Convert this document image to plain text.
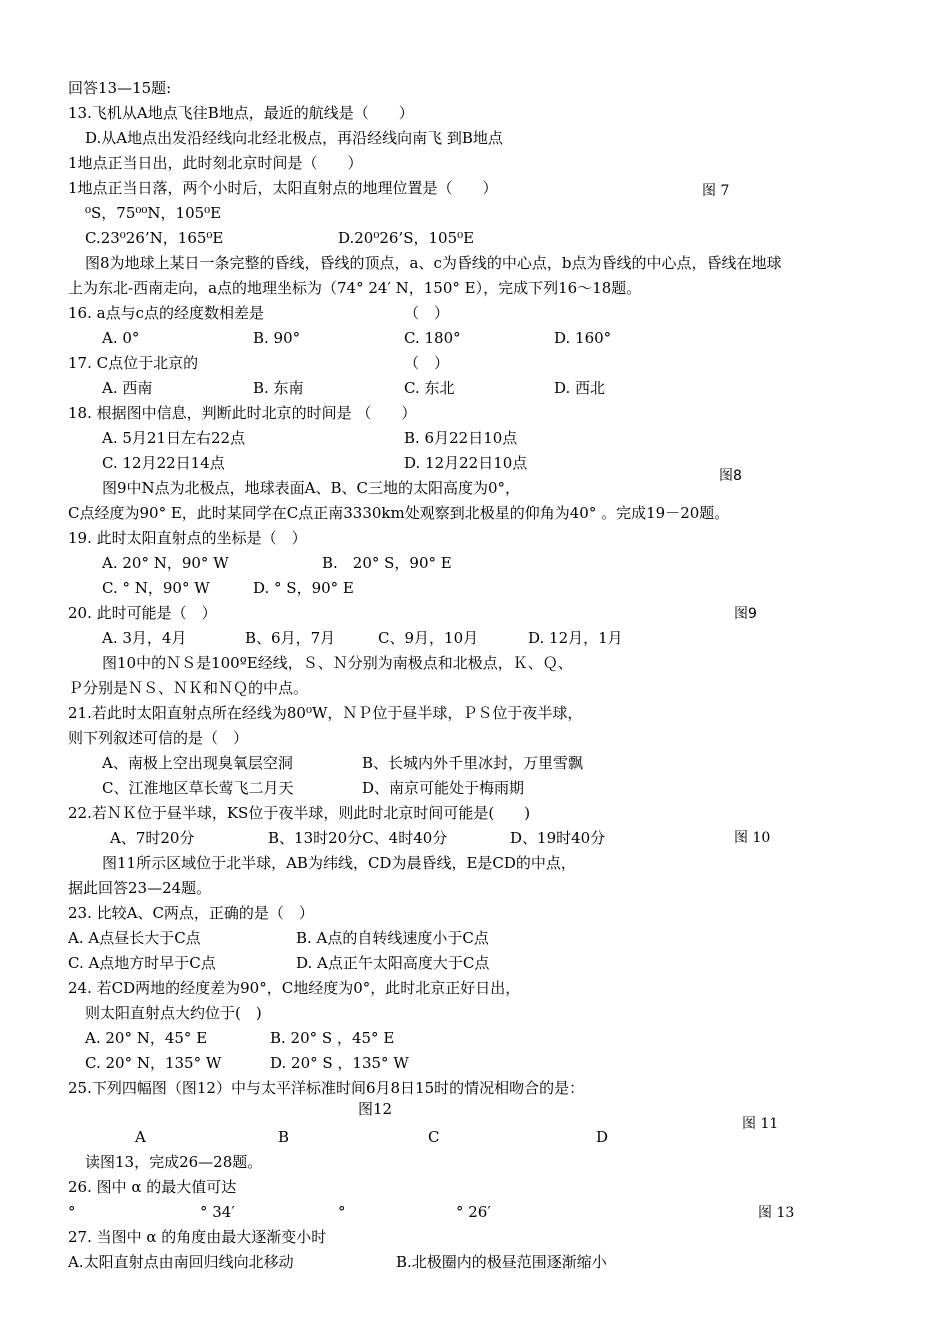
回答13—15题:
13.飞机从A地点飞往B地点，最近的航线是（　　）
D.从A地点出发沿经线向北经北极点，再沿经线向南飞 到B地点
1地点正当日出，此时刻北京时间是（　　）
1地点正当日落，两个小时后，太阳直射点的地理位置是（　　）
⁰S，75⁰⁰N，105⁰E
C.23⁰26’N，165⁰E	D.20⁰26’S，105⁰E
图8为地球上某日一条完整的昏线，昏线的顶点，a、c为昏线的中心点，b点为昏线的中心点，昏线在地球
上为东北-西南走向，a点的地理坐标为（74° 24′ N，150° E），完成下列16～18题。
16. a点与c点的经度数相差是	（　）
A. 0°	B. 90°	C. 180°	D. 160°
17. C点位于北京的	（　）
A. 西南	B. 东南	C. 东北	D. 西北
18. 根据图中信息，判断此时北京的时间是 （　　）
A. 5月21日左右22点	B. 6月22日10点
C. 12月22日14点	D. 12月22日10点
图9中N点为北极点，地球表面A、B、C三地的太阳高度为0°，
C点经度为90° E，此时某同学在C点正南3330km处观察到北极星的仰角为40° 。完成19－20题。
19. 此时太阳直射点的坐标是（　）
A. 20° N，90° W	B.　20° S，90° E
C. ° N，90° W	D. ° S，90° E
20. 此时可能是（　）
A. 3月，4月	B、6月，7月	C、9月，10月	D. 12月，1月
图10中的ＮＳ是100ºE经线，Ｓ、Ｎ分别为南极点和北极点，Ｋ、Ｑ、
Ｐ分别是ＮＳ、ＮＫ和ＮＱ的中点。
21.若此时太阳直射点所在经线为80⁰W，ＮＰ位于昼半球，ＰＳ位于夜半球，
则下列叙述可信的是（　）
A、南极上空出现臭氧层空洞	B、长城内外千里冰封，万里雪飘
C、江淮地区草长莺飞二月天	D、南京可能处于梅雨期
22.若ＮＫ位于昼半球，KS位于夜半球，则此时北京时间可能是(　　)
A、7时20分	B、13时20分C、4时40分	D、19时40分
图11所示区域位于北半球，AB为纬线，CD为晨昏线，E是CD的中点，
据此回答23—24题。
23. 比较A、C两点，正确的是（　）
A. A点昼长大于C点	B. A点的自转线速度小于C点
C. A点地方时早于C点	D. A点正午太阳高度大于C点
24. 若CD两地的经度差为90°，C地经度为0°，此时北京正好日出，
则太阳直射点大约位于(　)
A. 20° N，45° E	B. 20° S ，45° E
C. 20° N，135° W	D. 20° S ，135° W
25.下列四幅图（图12）中与太平洋标准时间6月8日15时的情况相吻合的是：
图12
A	B	C	D
读图13，完成26—28题。
26. 图中 α 的最大值可达
°	° 34′	°	° 26′
27. 当图中 α 的角度由最大逐渐变小时
A.太阳直射点由南回归线向北移动	B.北极圈内的极昼范围逐渐缩小
图 7
图8
图9
图 10
图 11
图 13
